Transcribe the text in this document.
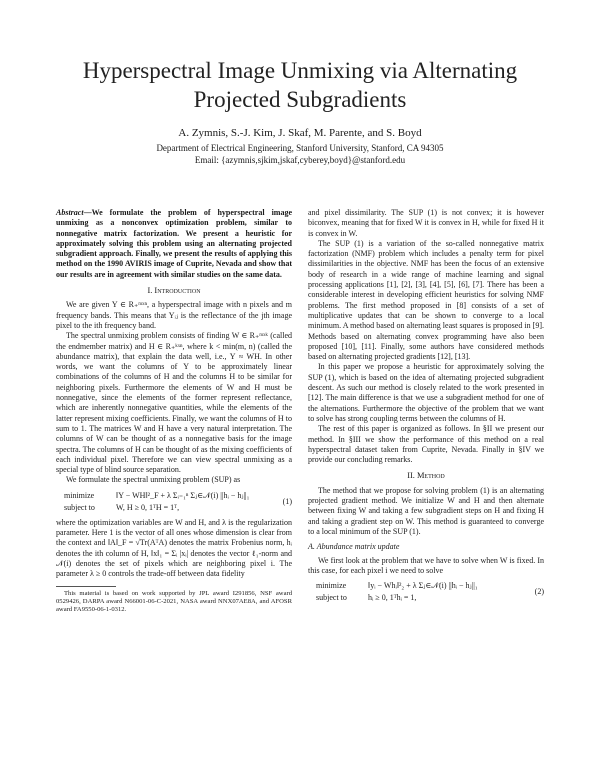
Hyperspectral Image Unmixing via Alternating
Projected Subgradients
A. Zymnis, S.-J. Kim, J. Skaf, M. Parente, and S. Boyd
Department of Electrical Engineering, Stanford University, Stanford, CA 94305
Email: {azymnis,sjkim,jskaf,cyberey,boyd}@stanford.edu

Abstract—We formulate the problem of hyperspectral image unmixing as a nonconvex optimization problem, similar to nonnegative matrix factorization. We present a heuristic for approximately solving this problem using an alternating projected subgradient approach. Finally, we present the results of applying this method on the 1990 AVIRIS image of Cuprite, Nevada and show that our results are in agreement with similar studies on the same data.

I. Introduction

We are given Y ∈ R₊ᵐˣⁿ, a hyperspectral image with n pixels and m frequency bands. This means that Yᵢⱼ is the reflectance of the jth image pixel to the ith frequency band.

The spectral unmixing problem consists of finding W ∈ R₊ᵐˣᵏ (called the endmember matrix) and H ∈ R₊ᵏˣⁿ, where k < min(m, n) (called the abundance matrix), that explain the data well, i.e., Y ≈ WH. In other words, we want the columns of Y to be approximately linear combinations of the columns of H and the columns H to be similar for neighboring pixels. Furthermore the elements of W and H must be nonnegative, since the elements of the former represent reflectance, which are inherently nonnegative quantities, while the elements of the latter represent mixing coefficients. Finally, we want the columns of H to sum to 1. The matrices W and H have a very natural interpretation. The columns of W can be thought of as a nonnegative basis for the image spectra. The columns of H can be thought of as the mixing coefficients of each individual pixel. Therefore we can view spectral unmixing as a special type of blind source separation.

We formulate the spectral unmixing problem (SUP) as

minimize	‖Y − WH‖²_F + λ Σᵢ₌₁ⁿ Σⱼ∈𝒩(i) ||hᵢ − hⱼ||₁
subject to	W, H ≥ 0, 1ᵀH = 1ᵀ,
(1)

where the optimization variables are W and H, and λ is the regularization parameter. Here 1 is the vector of all ones whose dimension is clear from the context and ‖A‖_F = √Tr(AᵀA) denotes the matrix Frobenius norm, hᵢ denotes the ith column of H, ‖x‖₁ = Σᵢ |xᵢ| denotes the vector ℓ₁-norm and 𝒩(i) denotes the set of pixels which are neighboring pixel i. The parameter λ ≥ 0 controls the trade-off between data fidelity

This material is based on work supported by JPL award I291856, NSF award 0529426, DARPA award N66001-06-C-2021, NASA award NNX07AE8A, and AFOSR award FA9550-06-1-0312.

and pixel dissimilarity. The SUP (1) is not convex; it is however biconvex, meaning that for fixed W it is convex in H, while for fixed H it is convex in W.

The SUP (1) is a variation of the so-called nonnegative matrix factorization (NMF) problem which includes a penalty term for pixel dissimilarities in the objective. NMF has been the focus of an extensive body of research in a wide range of machine learning and signal processing applications [1], [2], [3], [4], [5], [6], [7]. There has been a considerable interest in developing efficient heuristics for solving NMF problems. The first method proposed in [8] consists of a set of multiplicative updates that can be shown to converge to a local minimum. A method based on alternating least squares is proposed in [9]. Methods based on alternating convex programming have also been proposed [10], [11]. Finally, some authors have considered methods based on alternating projected gradients [12], [13].

In this paper we propose a heuristic for approximately solving the SUP (1), which is based on the idea of alternating projected subgradient descent. As such our method is closely related to the work presented in [12]. The main difference is that we use a subgradient method for one of the alternations. Furthermore the objective of the problem that we want to solve has strong coupling terms between the columns of H.

The rest of this paper is organized as follows. In §II we present our method. In §III we show the performance of this method on a real hyperspectral dataset taken from Cuprite, Nevada. Finally in §IV we provide our concluding remarks.

II. Method

The method that we propose for solving problem (1) is an alternating projected gradient method. We initialize W and H and then alternate between fixing W and taking a few subgradient steps on H and fixing H and taking a gradient step on W. This method is guaranteed to converge to a local minimum of the SUP (1).

A. Abundance matrix update

We first look at the problem that we have to solve when W is fixed. In this case, for each pixel i we need to solve

minimize	‖yᵢ − Whᵢ‖²₂ + λ Σⱼ∈𝒩(i) ||hᵢ − hⱼ||₁
subject to	hᵢ ≥ 0, 1ᵀhᵢ = 1,
(2)
